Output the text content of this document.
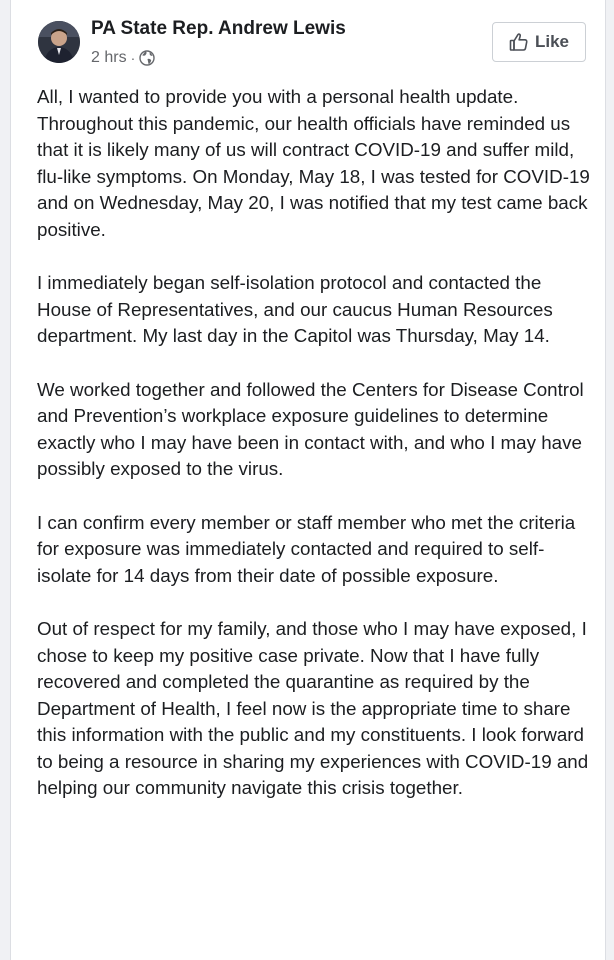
PA State Rep. Andrew Lewis
2 hrs ·
Like

All, I wanted to provide you with a personal health update. Throughout this pandemic, our health officials have reminded us that it is likely many of us will contract COVID-19 and suffer mild, flu-like symptoms. On Monday, May 18, I was tested for COVID-19 and on Wednesday, May 20, I was notified that my test came back positive.

I immediately began self-isolation protocol and contacted the House of Representatives, and our caucus Human Resources department. My last day in the Capitol was Thursday, May 14.

We worked together and followed the Centers for Disease Control and Prevention’s workplace exposure guidelines to determine exactly who I may have been in contact with, and who I may have possibly exposed to the virus.

I can confirm every member or staff member who met the criteria for exposure was immediately contacted and required to self-isolate for 14 days from their date of possible exposure.

Out of respect for my family, and those who I may have exposed, I chose to keep my positive case private. Now that I have fully recovered and completed the quarantine as required by the Department of Health, I feel now is the appropriate time to share this information with the public and my constituents. I look forward to being a resource in sharing my experiences with COVID-19 and helping our community navigate this crisis together.
